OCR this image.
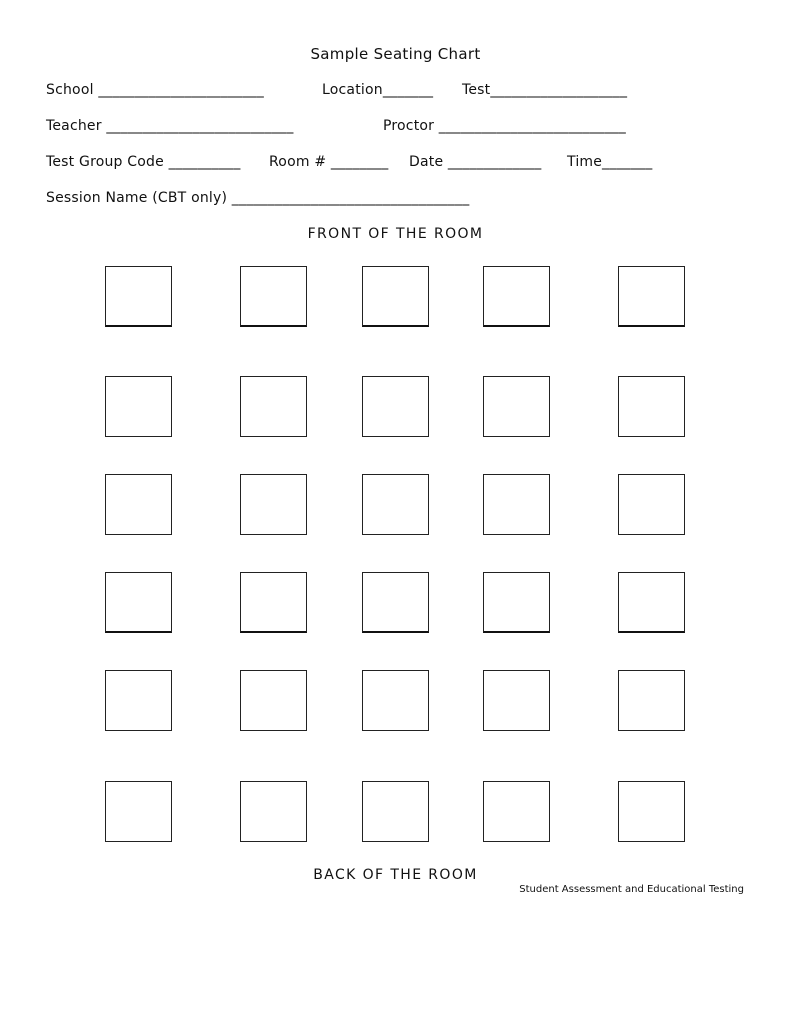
Sample Seating Chart
School _______________________	Location_______ Test___________________
Teacher __________________________	Proctor __________________________
Test Group Code __________ Room # ________ Date _____________ Time_______
Session Name (CBT only) _________________________________
FRONT OF THE ROOM
BACK OF THE ROOM
Student Assessment and Educational Testing
